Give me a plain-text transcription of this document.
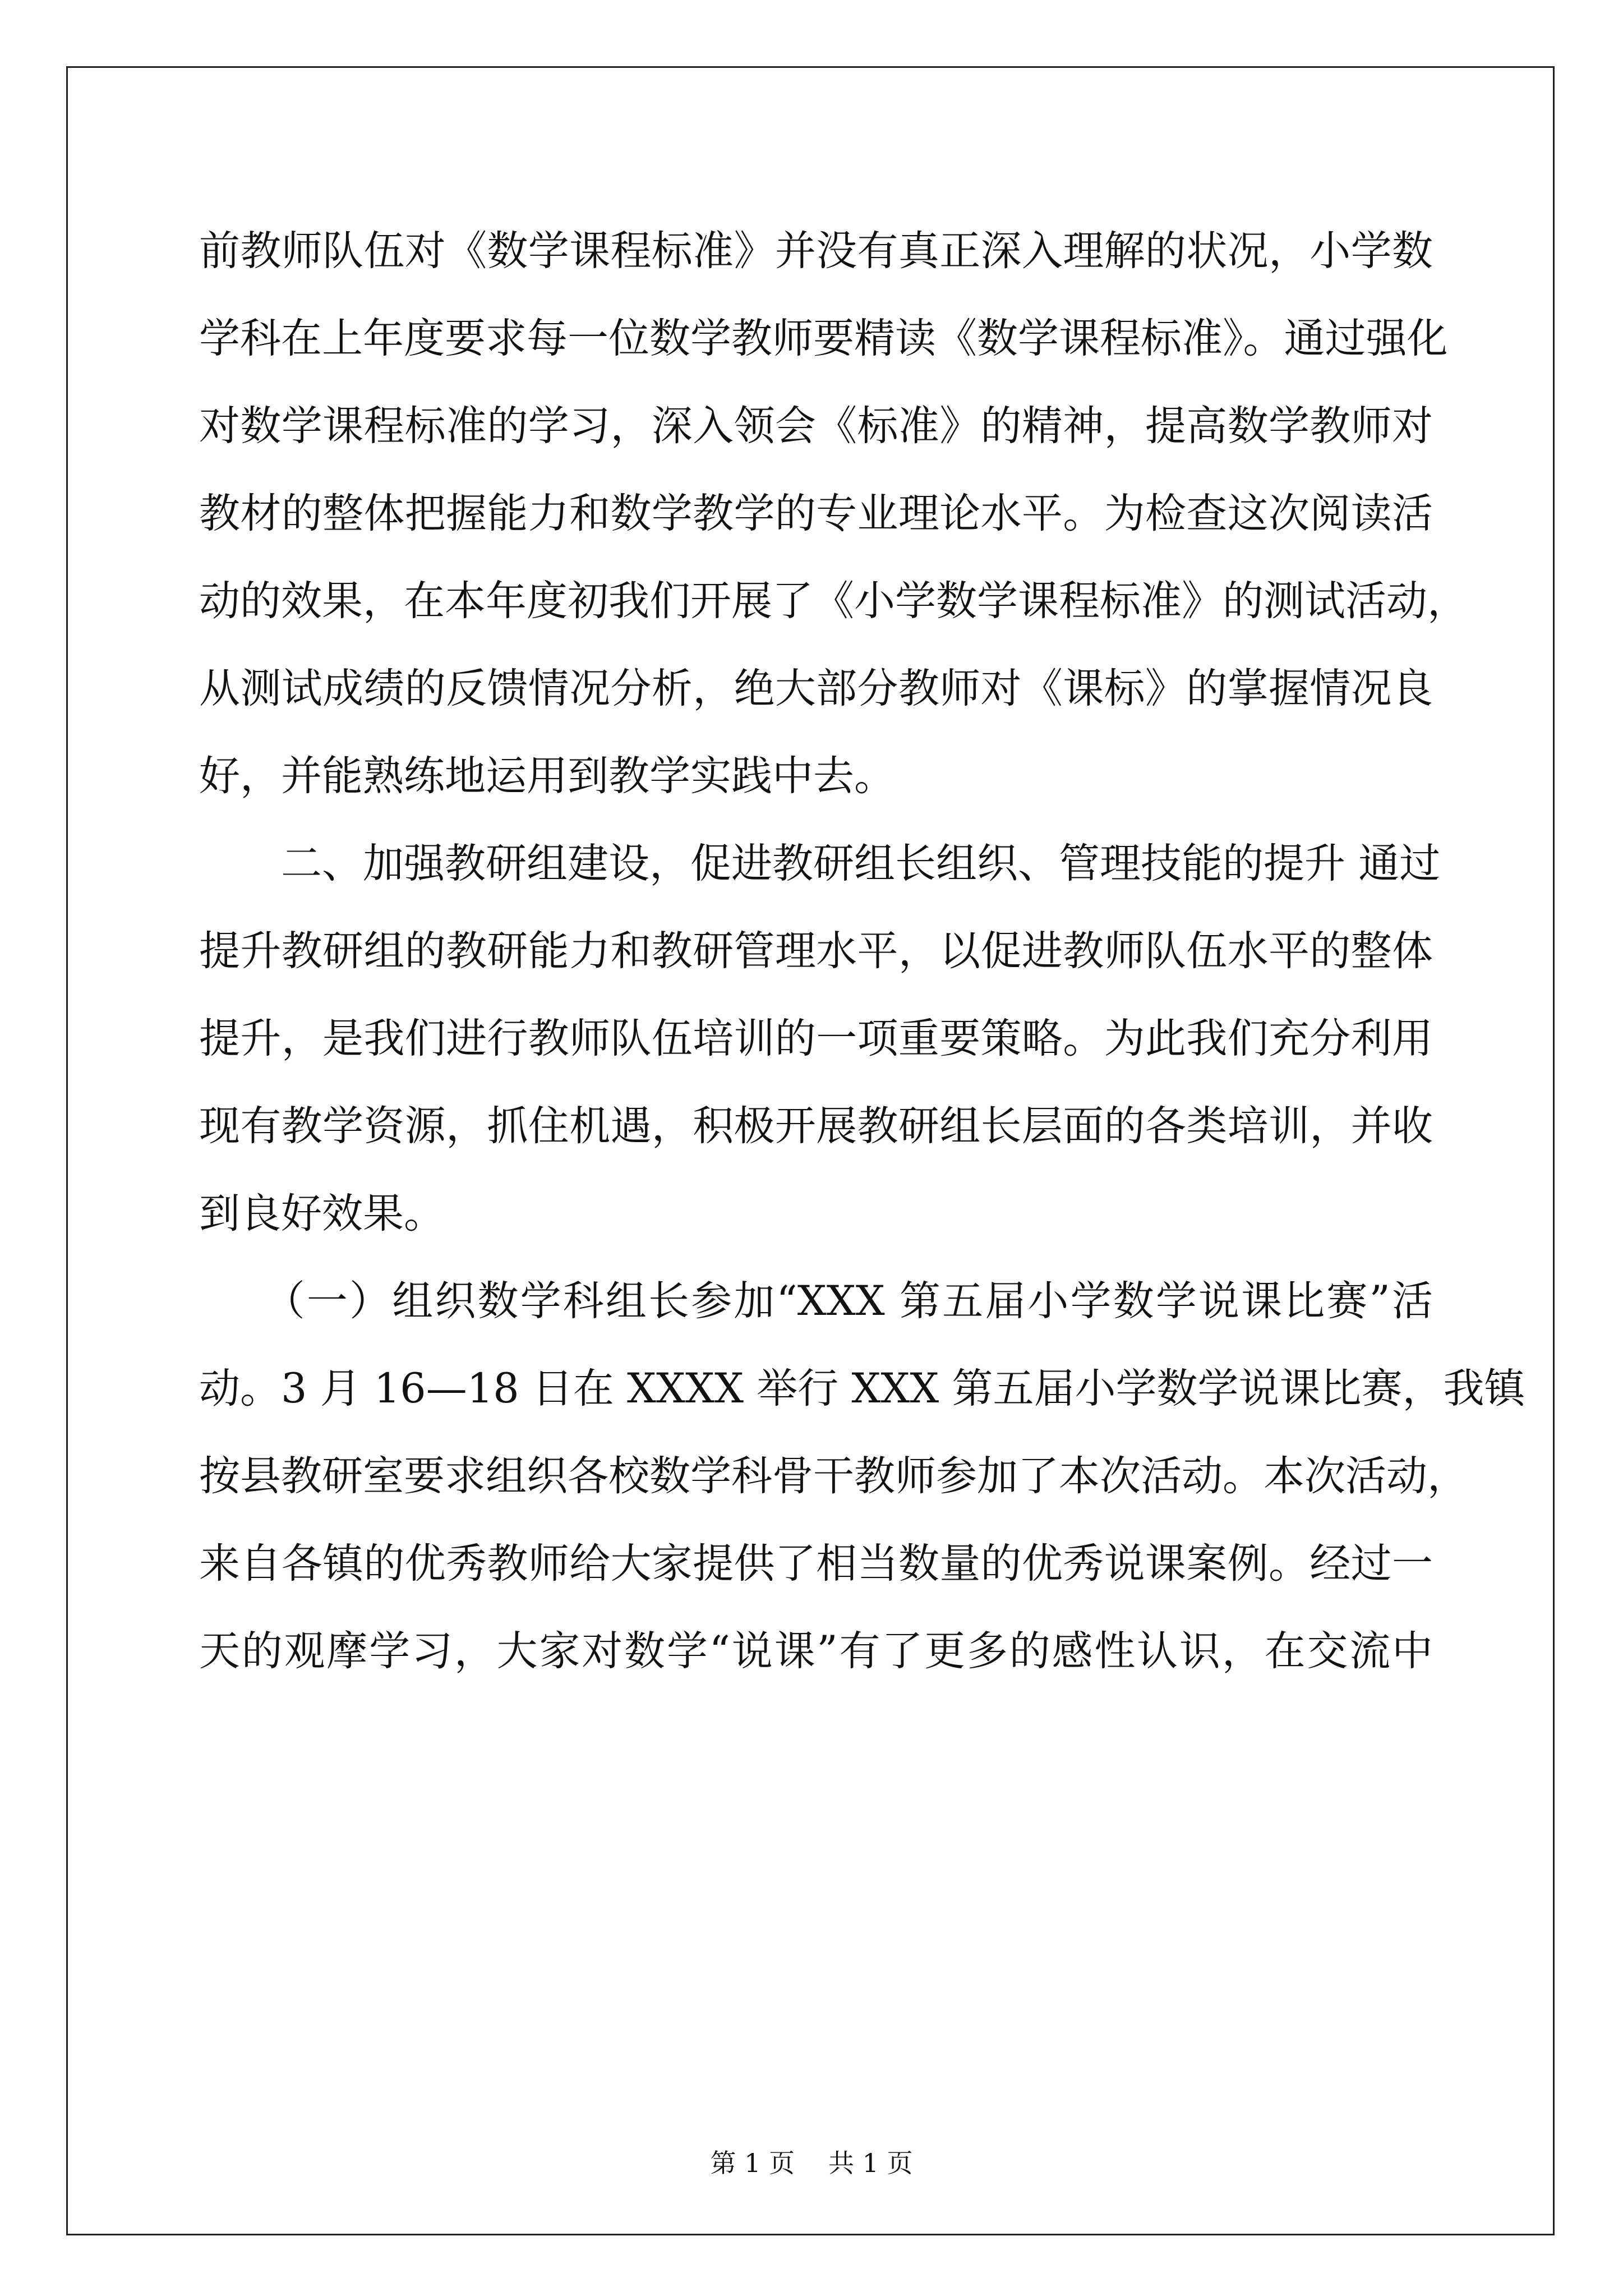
前教师队伍对《数学课程标准》并没有真正深入理解的状况，小学数
学科在上年度要求每一位数学教师要精读《数学课程标准》。通过强化
对数学课程标准的学习，深入领会《标准》的精神，提高数学教师对
教材的整体把握能力和数学教学的专业理论水平。为检查这次阅读活
动的效果，在本年度初我们开展了《小学数学课程标准》的测试活动，
从测试成绩的反馈情况分析，绝大部分教师对《课标》的掌握情况良
好，并能熟练地运用到教学实践中去。
　　二、加强教研组建设，促进教研组长组织、管理技能的提升 通过
提升教研组的教研能力和教研管理水平，以促进教师队伍水平的整体
提升，是我们进行教师队伍培训的一项重要策略。为此我们充分利用
现有教学资源，抓住机遇，积极开展教研组长层面的各类培训，并收
到良好效果。
　　（一）组织数学科组长参加“XXX 第五届小学数学说课比赛”活
动。3 月 16—18 日在 XXXX 举行 XXX 第五届小学数学说课比赛，我镇
按县教研室要求组织各校数学科骨干教师参加了本次活动。本次活动，
来自各镇的优秀教师给大家提供了相当数量的优秀说课案例。经过一
天的观摩学习，大家对数学“说课”有了更多的感性认识，在交流中
第 1 页 共 1 页
